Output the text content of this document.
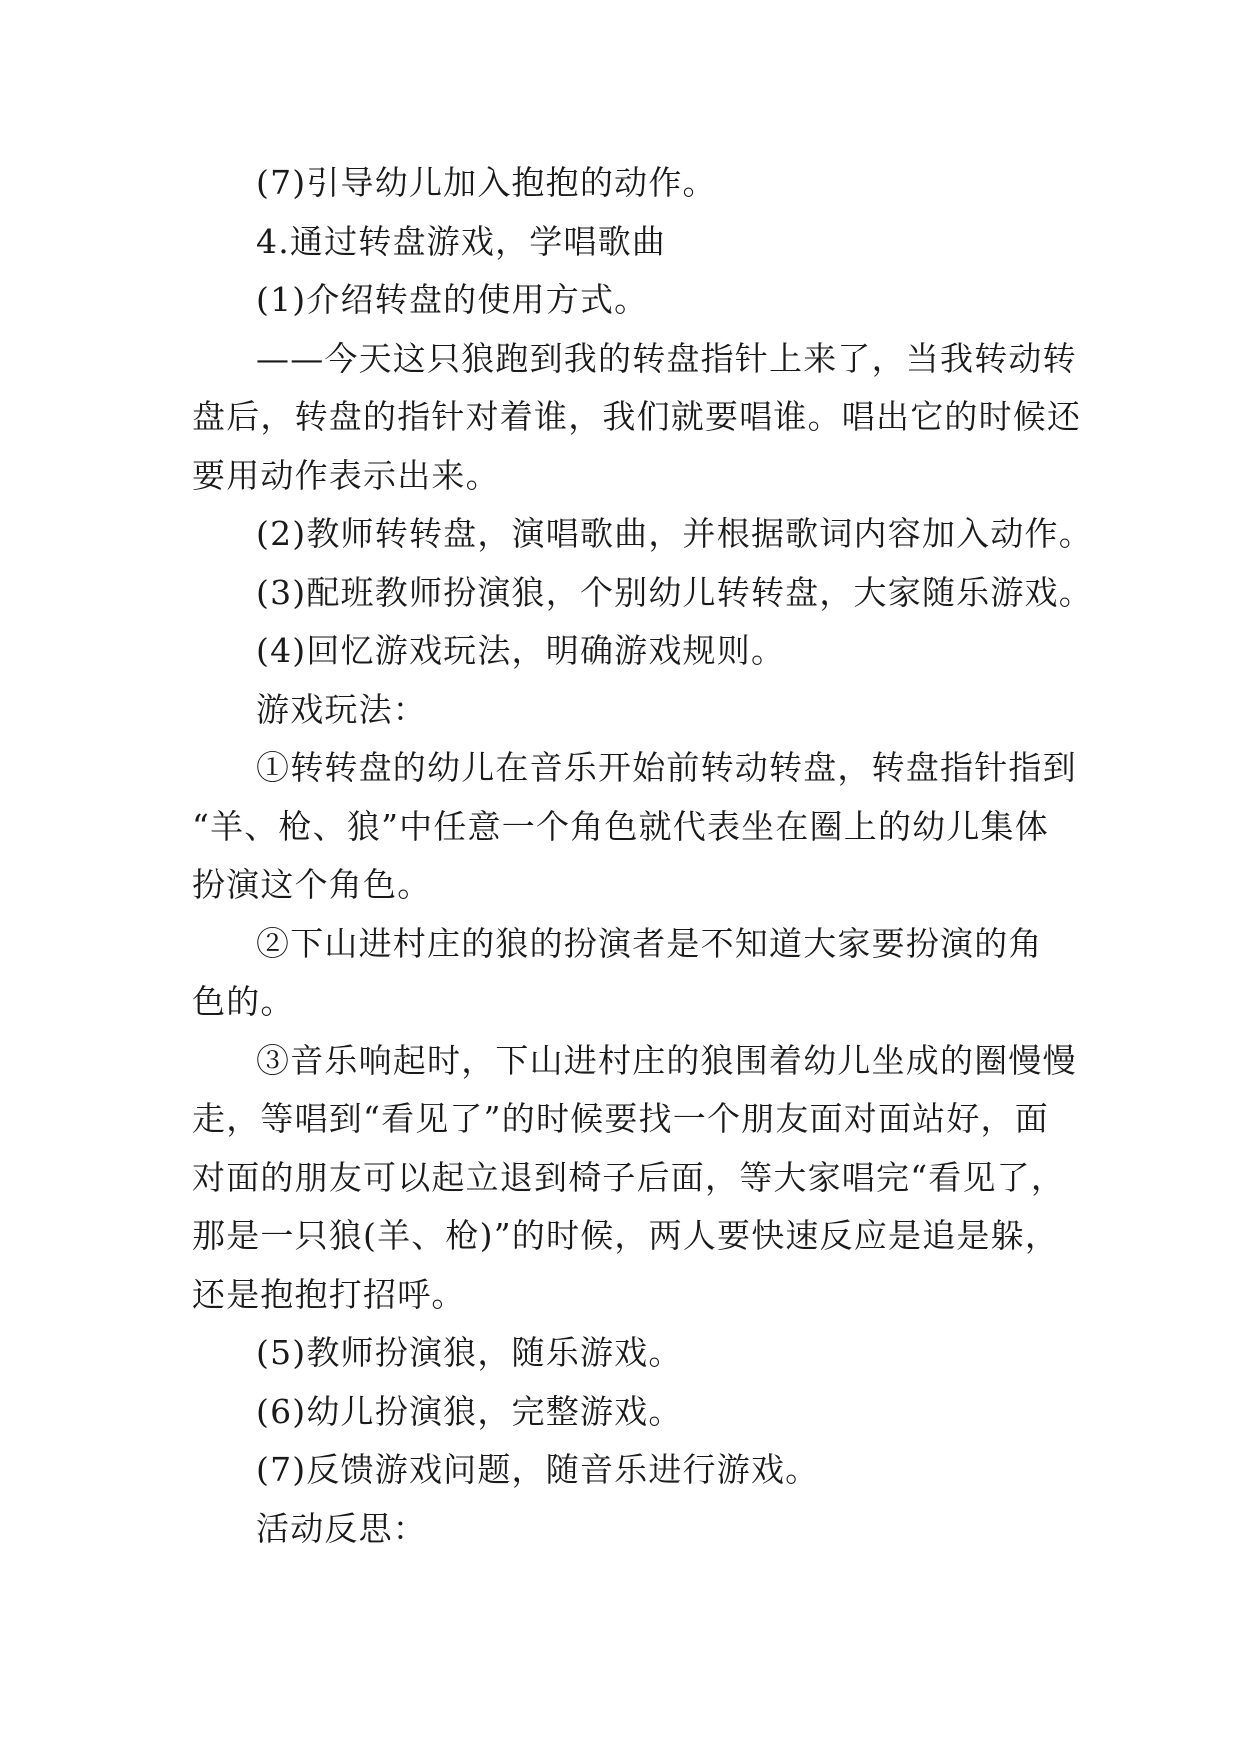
(7)引导幼儿加入抱抱的动作。
4.通过转盘游戏，学唱歌曲
(1)介绍转盘的使用方式。
——今天这只狼跑到我的转盘指针上来了，当我转动转
盘后，转盘的指针对着谁，我们就要唱谁。唱出它的时候还
要用动作表示出来。
(2)教师转转盘，演唱歌曲，并根据歌词内容加入动作。
(3)配班教师扮演狼，个别幼儿转转盘，大家随乐游戏。
(4)回忆游戏玩法，明确游戏规则。
游戏玩法：
①转转盘的幼儿在音乐开始前转动转盘，转盘指针指到
“羊、枪、狼”中任意一个角色就代表坐在圈上的幼儿集体
扮演这个角色。
②下山进村庄的狼的扮演者是不知道大家要扮演的角
色的。
③音乐响起时，下山进村庄的狼围着幼儿坐成的圈慢慢
走，等唱到“看见了”的时候要找一个朋友面对面站好，面
对面的朋友可以起立退到椅子后面，等大家唱完“看见了，
那是一只狼(羊、枪)”的时候，两人要快速反应是追是躲，
还是抱抱打招呼。
(5)教师扮演狼，随乐游戏。
(6)幼儿扮演狼，完整游戏。
(7)反馈游戏问题，随音乐进行游戏。
活动反思：
